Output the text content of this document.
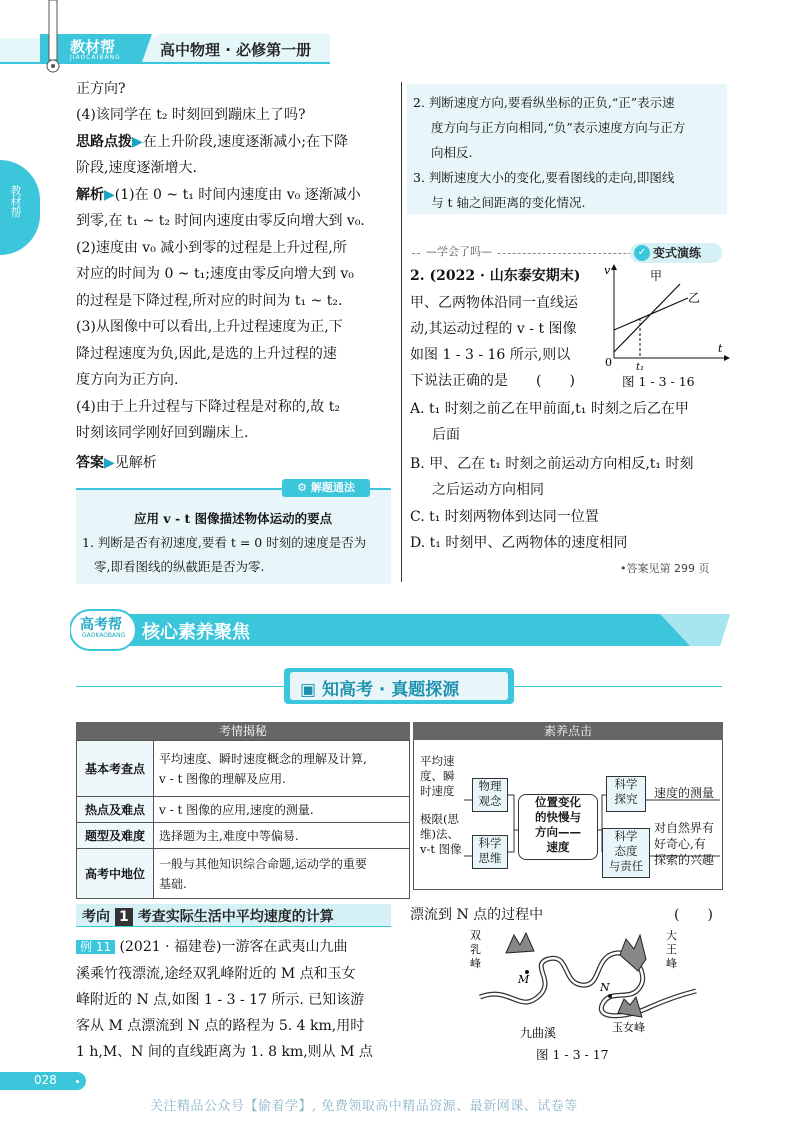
教材帮
JIAOCAIBANG	高中物理 · 必修第一册
教材帮
正方向?
(4)该同学在 t₂ 时刻回到蹦床上了吗?
思路点拨▶在上升阶段,速度逐渐减小;在下降
阶段,速度逐渐增大.
解析▶(1)在 0 ~ t₁ 时间内速度由 v₀ 逐渐减小
到零,在 t₁ ~ t₂ 时间内速度由零反向增大到 v₀.
(2)速度由 v₀ 减小到零的过程是上升过程,所
对应的时间为 0 ~ t₁;速度由零反向增大到 v₀
的过程是下降过程,所对应的时间为 t₁ ~ t₂.
(3)从图像中可以看出,上升过程速度为正,下
降过程速度为负,因此,是选的上升过程的速
度方向为正方向.
(4)由于上升过程与下降过程是对称的,故 t₂
时刻该同学刚好回到蹦床上.
答案▶见解析
⚙ 解题通法
应用 v - t 图像描述物体运动的要点
1. 判断是否有初速度,要看 t = 0 时刻的速度是否为
零,即看图线的纵截距是否为零.
2. 判断速度方向,要看纵坐标的正负,“正”表示速
度方向与正方向相同,“负”表示速度方向与正方
向相反.
3. 判断速度大小的变化,要看图线的走向,即图线
与 t 轴之间距离的变化情况.
—学会了吗—	✓ 变式演练
2. (2022 · 山东泰安期末)
甲、乙两物体沿同一直线运
动,其运动过程的 v - t 图像
如图 1 - 3 - 16 所示,则以
下说法正确的是　　(　　)
v
t
0 t₁
甲
乙
图 1 - 3 - 16
A. t₁ 时刻之前乙在甲前面,t₁ 时刻之后乙在甲
后面
B. 甲、乙在 t₁ 时刻之前运动方向相反,t₁ 时刻
之后运动方向相同
C. t₁ 时刻两物体到达同一位置
D. t₁ 时刻甲、乙两物体的速度相同
•答案见第 299 页
高考帮
GAOKAOBANG 核心素养聚焦
▣ 知高考 · 真题探源
考情揭秘	素养点击
基本考查点	平均速度、瞬时速度概念的理解及计算,
v - t 图像的理解及应用.

热点及难点	v - t 图像的应用,速度的测量.
题型及难度	选择题为主,难度中等偏易.
高考中地位	一般与其他知识综合命题,运动学的重要
基础.
平均速
度、瞬
时速度
极限(思
维)法、
v-t 图像
物理
观念
科学
思维
位置变化
的快慢与
方向——
速度
科学
探究
科学
态度
与责任
速度的测量
对自然界有
好奇心,有
探索的兴趣
考向 1 考查实际生活中平均速度的计算
例 11 (2021 · 福建卷)一游客在武夷山九曲
溪乘竹筏漂流,途经双乳峰附近的 M 点和玉女
峰附近的 N 点,如图 1 - 3 - 17 所示. 已知该游
客从 M 点漂流到 N 点的路程为 5. 4 km,用时
1 h,M、N 间的直线距离为 1. 8 km,则从 M 点
漂流到 N 点的过程中	(　　)
双
乳
峰
大
王
峰
M
N
九曲溪	玉女峰
图 1 - 3 - 17
028
关注精品公众号【偷着学】, 免费领取高中精品资源、最新网课、试卷等
